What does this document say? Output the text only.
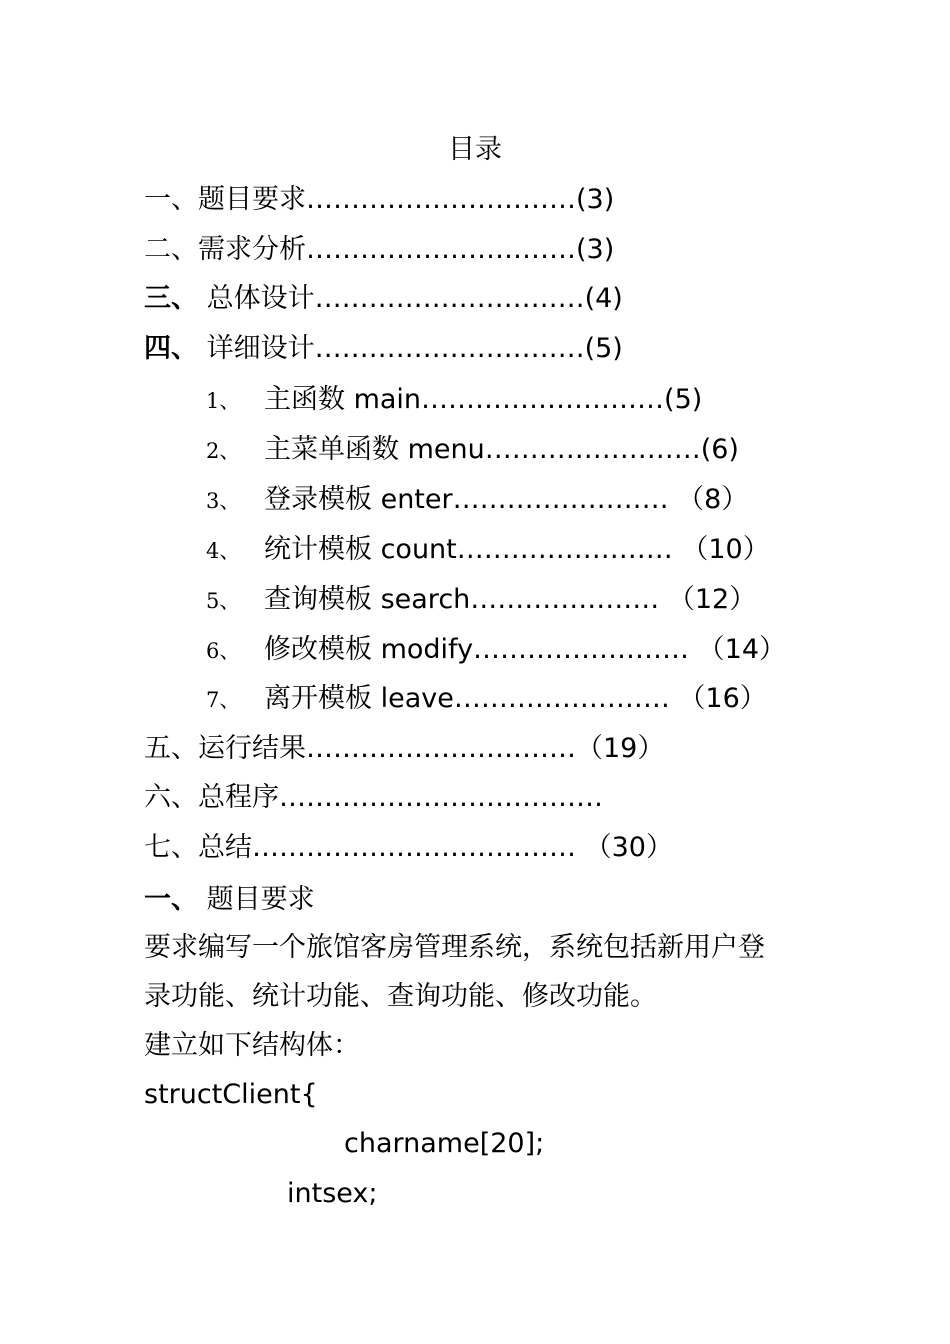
目录
一、题目要求…………………………(3)
二、需求分析…………………………(3)
三、 总体设计…………………………(4)
四、 详细设计…………………………(5)
1、 主函数 main………………………(5)
2、 主菜单函数 menu……………………(6)
3、 登录模板 enter…………………… （8）
4、 统计模板 count…………………… （10）
5、 查询模板 search………………… （12）
6、 修改模板 modify…………………… （14）
7、 离开模板 leave…………………… （16）
五、运行结果…………………………（19）
六、总程序………………………………
七、总结……………………………… （30）
一、 题目要求
要求编写一个旅馆客房管理系统，系统包括新用户登
录功能、统计功能、查询功能、修改功能。
建立如下结构体：
structClient{
charname[20];
intsex;
